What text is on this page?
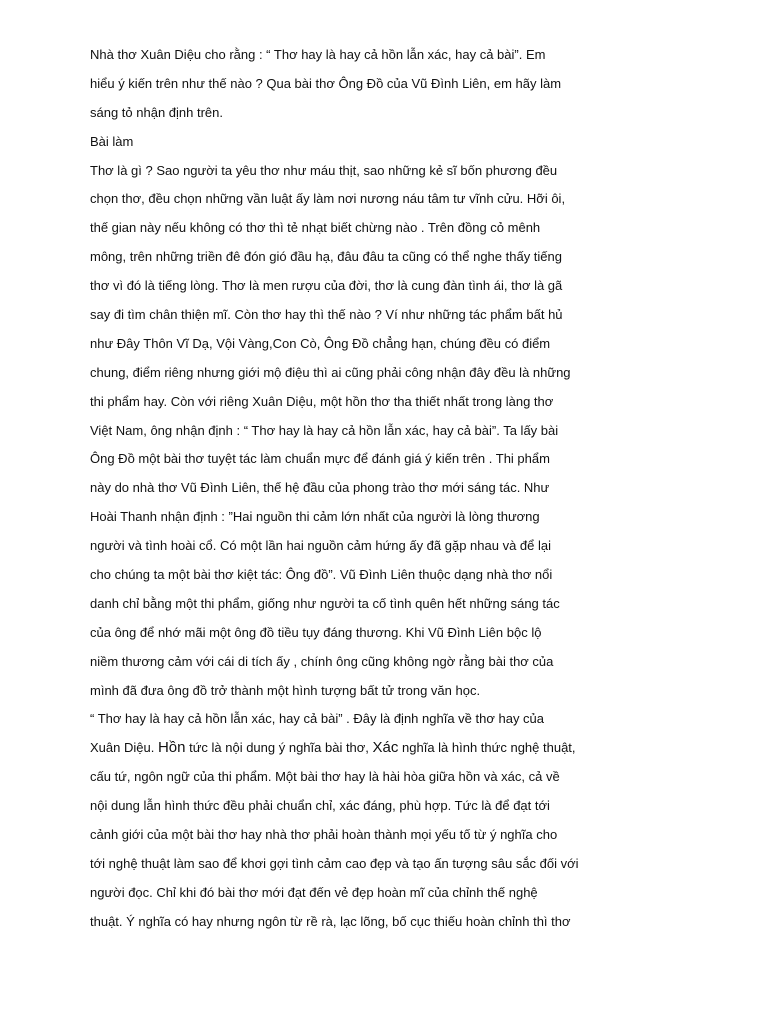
Nhà thơ Xuân Diệu cho rằng : “ Thơ hay là hay cả hồn lẫn xác, hay cả bài”. Em
hiểu ý kiến trên như thế nào ? Qua bài thơ Ông Đồ của Vũ Đình Liên, em hãy làm
sáng tỏ nhận định trên.
Bài làm
Thơ là gì ? Sao người ta yêu thơ như máu thịt, sao những kẻ sĩ bốn phương đều
chọn thơ, đều chọn những vần luật ấy làm nơi nương náu tâm tư vĩnh cửu. Hỡi ôi,
thế gian này nếu không có thơ thì tẻ nhạt biết chừng nào . Trên đồng cỏ mênh
mông, trên những triền đê đón gió đầu hạ, đâu đâu ta cũng có thể nghe thấy tiếng
thơ vì đó là tiếng lòng. Thơ là men rượu của đời, thơ là cung đàn tình ái, thơ là gã
say đi tìm chân thiện mĩ. Còn thơ hay thì thế nào ? Ví như những tác phẩm bất hủ
như Đây Thôn Vĩ Dạ, Vội Vàng,Con Cò, Ông Đồ chẳng hạn, chúng đều có điểm
chung, điểm riêng nhưng giới mộ điệu thì ai cũng phải công nhận đây đều là những
thi phẩm hay. Còn với riêng Xuân Diệu, một hồn thơ tha thiết nhất trong làng thơ
Việt Nam, ông nhận định : “ Thơ hay là hay cả hồn lẫn xác, hay cả bài”. Ta lấy bài
Ông Đồ một bài thơ tuyệt tác làm chuẩn mực để đánh giá ý kiến trên . Thi phẩm
này do nhà thơ Vũ Đình Liên, thế hệ đầu của phong trào thơ mới sáng tác. Như
Hoài Thanh nhận định : ”Hai nguồn thi cảm lớn nhất của người là lòng thương
người và tình hoài cổ. Có một lần hai nguồn cảm hứng ấy đã gặp nhau và để lại
cho chúng ta một bài thơ kiệt tác: Ông đồ”. Vũ Đình Liên thuộc dạng nhà thơ nổi
danh chỉ bằng một thi phẩm, giống như người ta cố tình quên hết những sáng tác
của ông để nhớ mãi một ông đồ tiều tụy đáng thương. Khi Vũ Đình Liên bộc lộ
niềm thương cảm với cái di tích ấy , chính ông cũng không ngờ rằng bài thơ của
mình đã đưa ông đồ trở thành một hình tượng bất tử trong văn học.
“ Thơ hay là hay cả hồn lẫn xác, hay cả bài” . Đây là định nghĩa về thơ hay của
Xuân Diệu. Hồn tức là nội dung ý nghĩa bài thơ, Xác nghĩa là hình thức nghệ thuật,
cấu tứ, ngôn ngữ của thi phẩm. Một bài thơ hay là hài hòa giữa hồn và xác, cả về
nội dung lẫn hình thức đều phải chuẩn chỉ, xác đáng, phù hợp. Tức là để đạt tới
cảnh giới của một bài thơ hay nhà thơ phải hoàn thành mọi yếu tố từ ý nghĩa cho
tới nghệ thuật làm sao để khơi gợi tình cảm cao đẹp và tạo ấn tượng sâu sắc đối với
người đọc. Chỉ khi đó bài thơ mới đạt đến vẻ đẹp hoàn mĩ của chỉnh thế nghệ
thuật. Ý nghĩa có hay nhưng ngôn từ rề rà, lạc lõng, bố cục thiếu hoàn chỉnh thì thơ
